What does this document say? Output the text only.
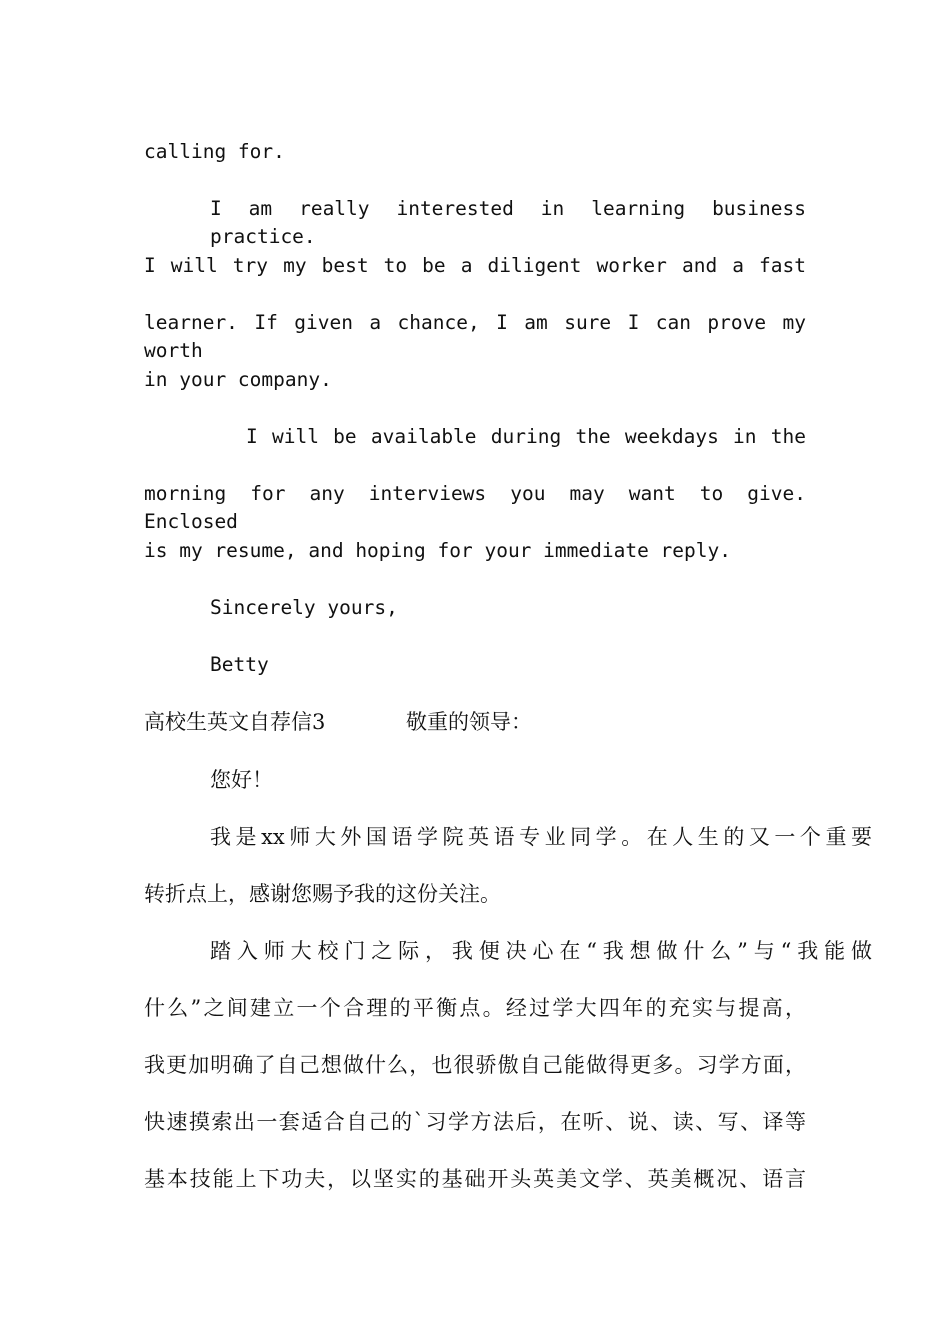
calling for.
I am really interested in learning business practice.
I will try my best to be a diligent worker and a fast
learner. If given a chance, I am sure I can prove my worth
in your company.
I will be available during the weekdays in the
morning for any interviews you may want to give. Enclosed
is my resume, and hoping for your immediate reply.
Sincerely yours,
Betty
高校生英文自荐信3	敬重的领导：
您好！
我是xx师大外国语学院英语专业同学。在人生的又一个重要
转折点上，感谢您赐予我的这份关注。
踏入师大校门之际，我便决心在“我想做什么”与“我能做
什么”之间建立一个合理的平衡点。经过学大四年的充实与提高，
我更加明确了自己想做什么，也很骄傲自己能做得更多。习学方面，
快速摸索出一套适合自己的`习学方法后，在听、说、读、写、译等
基本技能上下功夫，以坚实的基础开头英美文学、英美概况、语言
